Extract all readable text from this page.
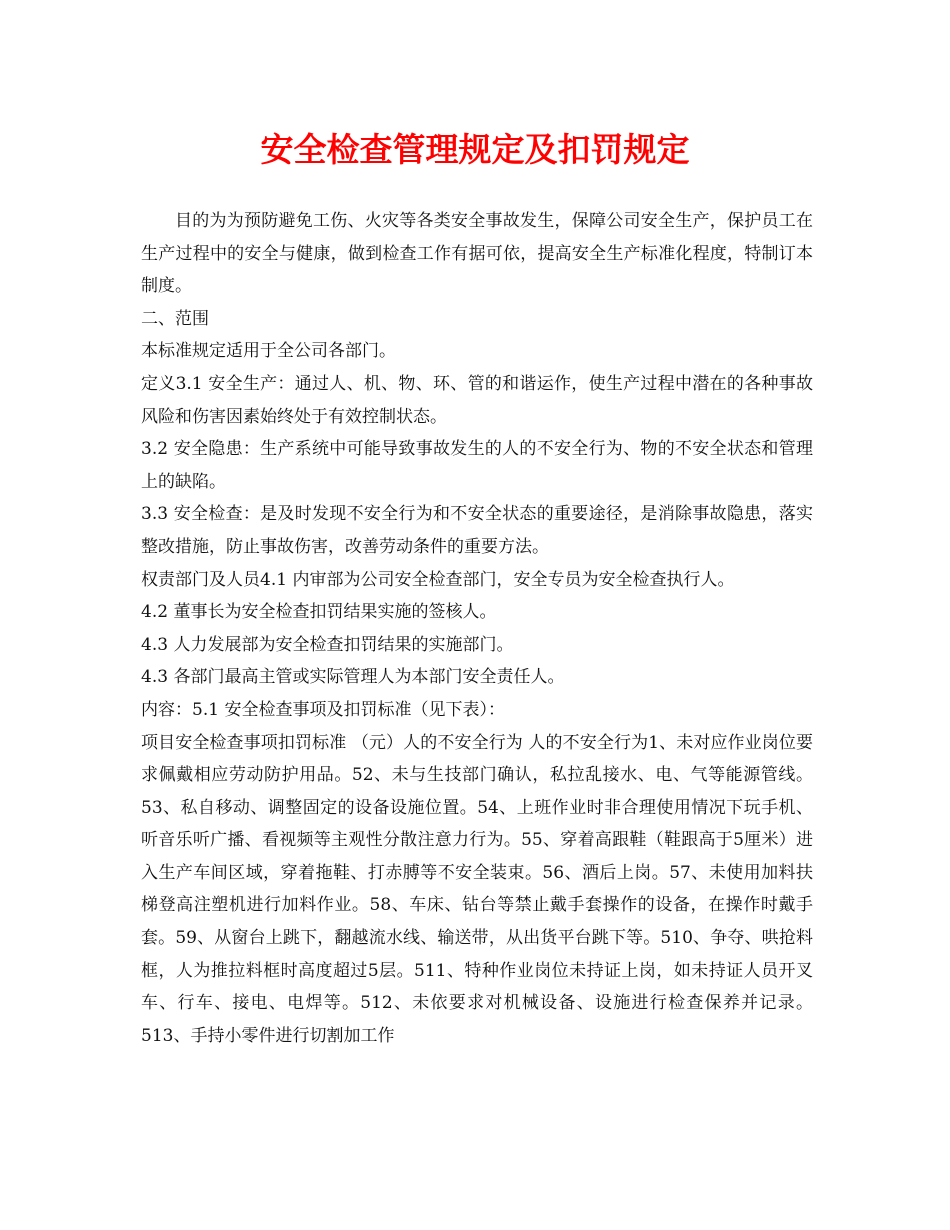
安全检查管理规定及扣罚规定

目的为为预防避免工伤、火灾等各类安全事故发生，保障公司安全生产，保护员工在生产过程中的安全与健康，做到检查工作有据可依，提高安全生产标准化程度，特制订本制度。

二、范围

本标准规定适用于全公司各部门。

定义3.1 安全生产：通过人、机、物、环、管的和谐运作，使生产过程中潜在的各种事故风险和伤害因素始终处于有效控制状态。

3.2 安全隐患：生产系统中可能导致事故发生的人的不安全行为、物的不安全状态和管理上的缺陷。

3.3 安全检查：是及时发现不安全行为和不安全状态的重要途径，是消除事故隐患，落实整改措施，防止事故伤害，改善劳动条件的重要方法。

权责部门及人员4.1 内审部为公司安全检查部门，安全专员为安全检查执行人。

4.2 董事长为安全检查扣罚结果实施的签核人。

4.3 人力发展部为安全检查扣罚结果的实施部门。

4.3 各部门最高主管或实际管理人为本部门安全责任人。

内容：5.1 安全检查事项及扣罚标准（见下表）：

项目安全检查事项扣罚标准 （元）人的不安全行为 人的不安全行为1、未对应作业岗位要求佩戴相应劳动防护用品。52、未与生技部门确认，私拉乱接水、电、气等能源管线。53、私自移动、调整固定的设备设施位置。54、上班作业时非合理使用情况下玩手机、听音乐听广播、看视频等主观性分散注意力行为。55、穿着高跟鞋（鞋跟高于5厘米）进入生产车间区域，穿着拖鞋、打赤膊等不安全装束。56、酒后上岗。57、未使用加料扶梯登高注塑机进行加料作业。58、车床、钻台等禁止戴手套操作的设备，在操作时戴手套。59、从窗台上跳下，翻越流水线、输送带，从出货平台跳下等。510、争夺、哄抢料框，人为推拉料框时高度超过5层。511、特种作业岗位未持证上岗，如未持证人员开叉车、行车、接电、电焊等。512、未依要求对机械设备、设施进行检查保养并记录。513、手持小零件进行切割加工作
